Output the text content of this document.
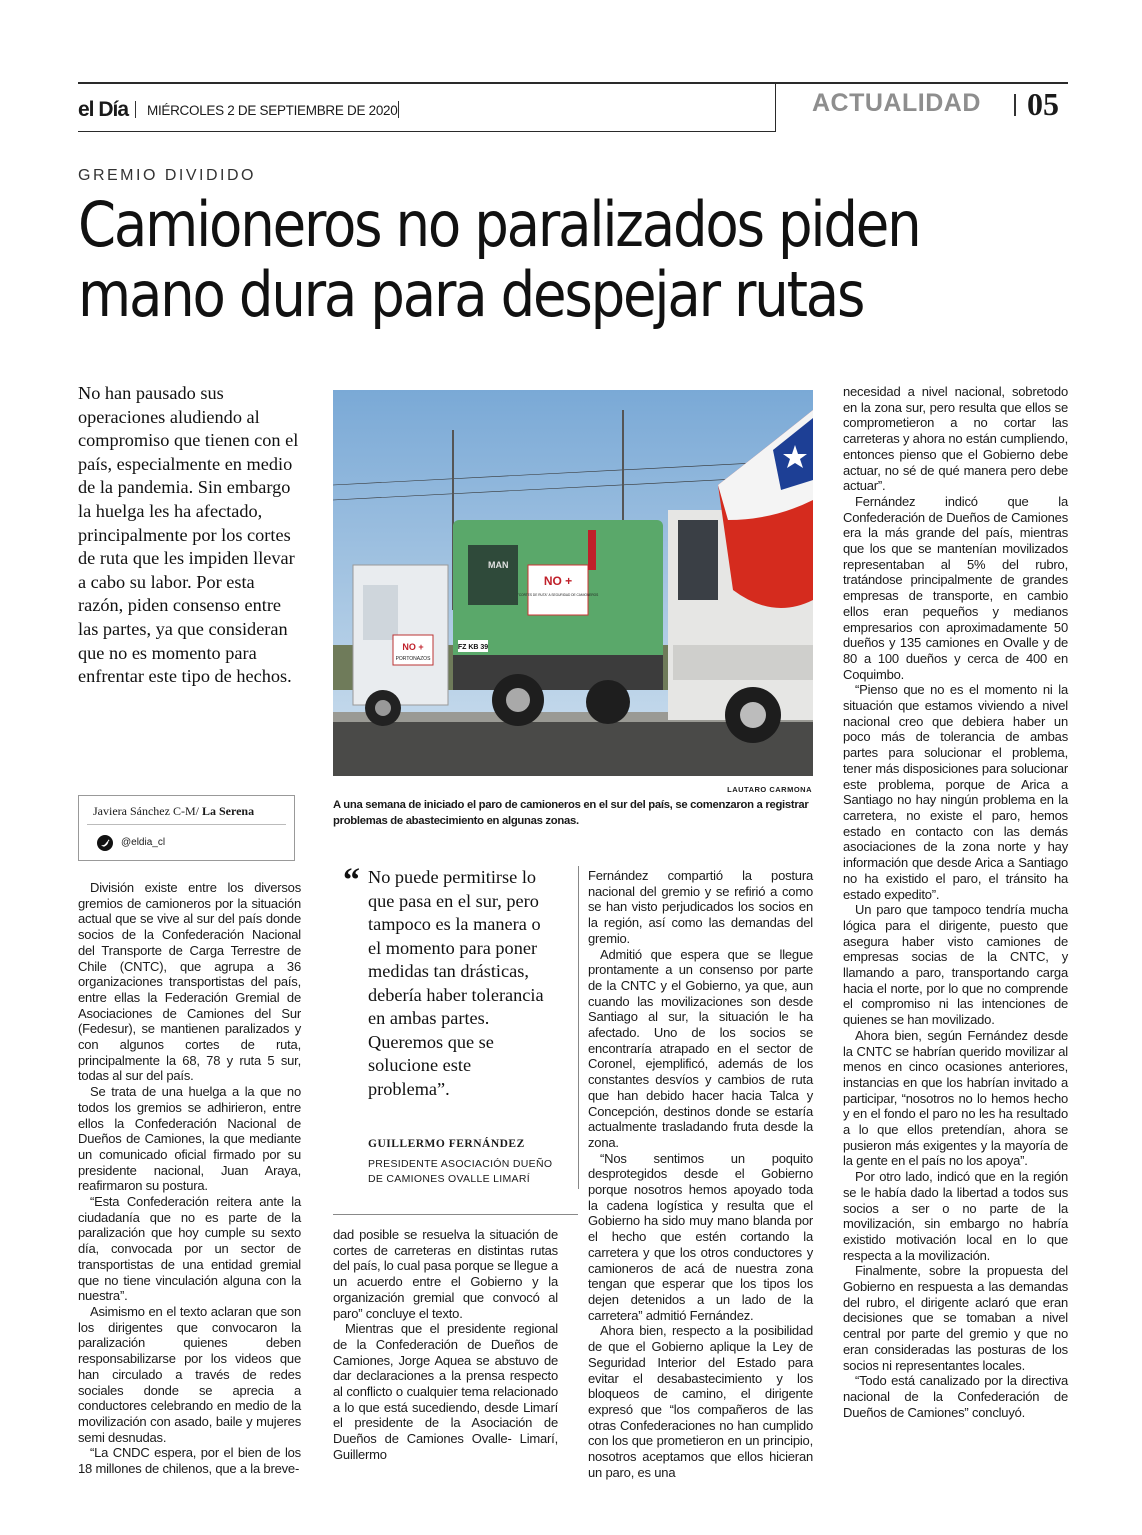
el Día MIÉRCOLES 2 DE SEPTIEMBRE DE 2020	ACTUALIDAD 05
GREMIO DIVIDIDO
Camioneros no paralizados piden
mano dura para despejar rutas

No han pausado sus operaciones aludiendo al compromiso que tienen con el país, especialmente en medio de la pandemia. Sin embargo la huelga les ha afectado, principalmente por los cortes de ruta que les impiden llevar a cabo su labor. Por esta razón, piden consenso entre las partes, ya que consideran que no es momento para enfrentar este tipo de hechos.

NO +
PORTONAZOS
NO +
"CORTES DE RUTA" A SEGURIDAD DE CAMIONEROS
MAN
FZ KB 39
LAUTARO CARMONA

A una semana de iniciado el paro de camioneros en el sur del país, se comenzaron a registrar problemas de abastecimiento en algunas zonas.

Javiera Sánchez C-M/ La Serena
@eldia_cl

División existe entre los diversos gremios de camioneros por la situación actual que se vive al sur del país donde socios de la Confederación Nacional del Transporte de Carga Terrestre de Chile (CNTC), que agrupa a 36 organizaciones transportistas del país, entre ellas la Federación Gremial de Asociaciones de Camiones del Sur (Fedesur), se mantienen paralizados y con algunos cortes de ruta, principalmente la 68, 78 y ruta 5 sur, todas al sur del país.

Se trata de una huelga a la que no todos los gremios se adhirieron, entre ellos la Confederación Nacional de Dueños de Camiones, la que mediante un comunicado oficial firmado por su presidente nacional, Juan Araya, reafirmaron su postura.

“Esta Confederación reitera ante la ciudadanía que no es parte de la paralización que hoy cumple su sexto día, convocada por un sector de transportistas de una entidad gremial que no tiene vinculación alguna con la nuestra”.

Asimismo en el texto aclaran que son los dirigentes que convocaron la paralización quienes deben responsabilizarse por los videos que han circulado a través de redes sociales donde se aprecia a conductores celebrando en medio de la movilización con asado, baile y mujeres semi desnudas.

“La CNDC espera, por el bien de los 18 millones de chilenos, que a la breve-

“ No puede permitirse lo que pasa en el sur, pero tampoco es la manera o el momento para poner medidas tan drásticas, debería haber tolerancia en ambas partes. Queremos que se solucione este problema”.

GUILLERMO FERNÁNDEZ

PRESIDENTE ASOCIACIÓN DUEÑO DE CAMIONES OVALLE LIMARÍ

dad posible se resuelva la situación de cortes de carreteras en distintas rutas del país, lo cual pasa porque se llegue a un acuerdo entre el Gobierno y la organización gremial que convocó al paro” concluye el texto.

Mientras que el presidente regional de la Confederación de Dueños de Camiones, Jorge Aquea se abstuvo de dar declaraciones a la prensa respecto al conflicto o cualquier tema relacionado a lo que está sucediendo, desde Limarí el presidente de la Asociación de Dueños de Camiones Ovalle- Limarí, Guillermo

Fernández compartió la postura nacional del gremio y se refirió a como se han visto perjudicados los socios en la región, así como las demandas del gremio.

Admitió que espera que se llegue prontamente a un consenso por parte de la CNTC y el Gobierno, ya que, aun cuando las movilizaciones son desde Santiago al sur, la situación le ha afectado. Uno de los socios se encontraría atrapado en el sector de Coronel, ejemplificó, además de los constantes desvíos y cambios de ruta que han debido hacer hacia Talca y Concepción, destinos donde se estaría actualmente trasladando fruta desde la zona.

“Nos sentimos un poquito desprotegidos desde el Gobierno porque nosotros hemos apoyado toda la cadena logística y resulta que el Gobierno ha sido muy mano blanda por el hecho que estén cortando la carretera y que los otros conductores y camioneros de acá de nuestra zona tengan que esperar que los tipos los dejen detenidos a un lado de la carretera” admitió Fernández.

Ahora bien, respecto a la posibilidad de que el Gobierno aplique la Ley de Seguridad Interior del Estado para evitar el desabastecimiento y los bloqueos de camino, el dirigente expresó que “los compañeros de las otras Confederaciones no han cumplido con los que prometieron en un principio, nosotros aceptamos que ellos hicieran un paro, es una

necesidad a nivel nacional, sobretodo en la zona sur, pero resulta que ellos se comprometieron a no cortar las carreteras y ahora no están cumpliendo, entonces pienso que el Gobierno debe actuar, no sé de qué manera pero debe actuar”.

Fernández indicó que la Confederación de Dueños de Camiones era la más grande del país, mientras que los que se mantenían movilizados representaban al 5% del rubro, tratándose principalmente de grandes empresas de transporte, en cambio ellos eran pequeños y medianos empresarios con aproximadamente 50 dueños y 135 camiones en Ovalle y de 80 a 100 dueños y cerca de 400 en Coquimbo.

“Pienso que no es el momento ni la situación que estamos viviendo a nivel nacional creo que debiera haber un poco más de tolerancia de ambas partes para solucionar el problema, tener más disposiciones para solucionar este problema, porque de Arica a Santiago no hay ningún problema en la carretera, no existe el paro, hemos estado en contacto con las demás asociaciones de la zona norte y hay información que desde Arica a Santiago no ha existido el paro, el tránsito ha estado expedito”.

Un paro que tampoco tendría mucha lógica para el dirigente, puesto que asegura haber visto camiones de empresas socias de la CNTC, y llamando a paro, transportando carga hacia el norte, por lo que no comprende el compromiso ni las intenciones de quienes se han movilizado.

Ahora bien, según Fernández desde la CNTC se habrían querido movilizar al menos en cinco ocasiones anteriores, instancias en que los habrían invitado a participar, “nosotros no lo hemos hecho y en el fondo el paro no les ha resultado a lo que ellos pretendían, ahora se pusieron más exigentes y la mayoría de la gente en el país no los apoya”.

Por otro lado, indicó que en la región se le había dado la libertad a todos sus socios a ser o no parte de la movilización, sin embargo no habría existido motivación local en lo que respecta a la movilización.

Finalmente, sobre la propuesta del Gobierno en respuesta a las demandas del rubro, el dirigente aclaró que eran decisiones que se tomaban a nivel central por parte del gremio y que no eran consideradas las posturas de los socios ni representantes locales.

“Todo está canalizado por la directiva nacional de la Confederación de Dueños de Camiones” concluyó.
